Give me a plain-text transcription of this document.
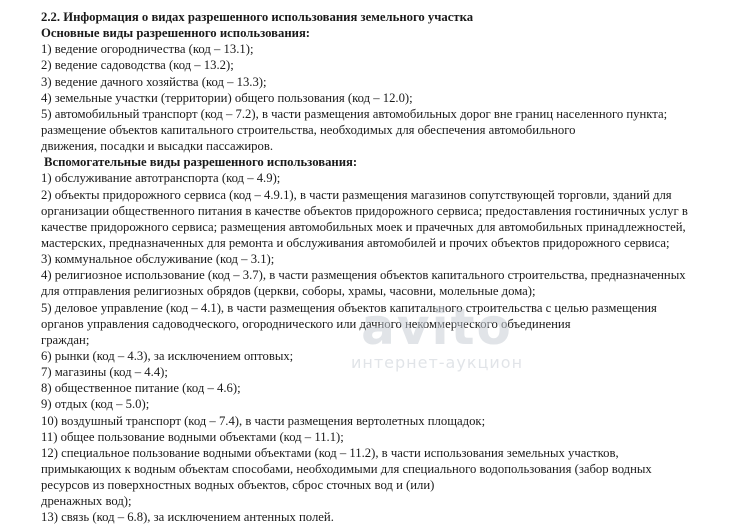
2.2. Информация о видах разрешенного использования земельного участка
Основные виды разрешенного использования:
1) ведение огородничества (код – 13.1);
2) ведение садоводства (код – 13.2);
3) ведение дачного хозяйства (код – 13.3);
4) земельные участки (территории) общего пользования (код – 12.0);
5) автомобильный транспорт (код – 7.2), в части размещения автомобильных дорог вне границ населенного пункта;
размещение объектов капитального строительства, необходимых для обеспечения автомобильного
движения, посадки и высадки пассажиров.
Вспомогательные виды разрешенного использования:
1) обслуживание автотранспорта (код – 4.9);
2) объекты придорожного сервиса (код – 4.9.1), в части размещения магазинов сопутствующей торговли, зданий для
организации общественного питания в качестве объектов придорожного сервиса; предоставления гостиничных услуг в
качестве придорожного сервиса; размещения автомобильных моек и прачечных для автомобильных принадлежностей,
мастерских, предназначенных для ремонта и обслуживания автомобилей и прочих объектов придорожного сервиса;
3) коммунальное обслуживание (код – 3.1);
4) религиозное использование (код – 3.7), в части размещения объектов капитального строительства, предназначенных
для отправления религиозных обрядов (церкви, соборы, храмы, часовни, молельные дома);
5) деловое управление (код – 4.1), в части размещения объектов капитального строительства с целью размещения
органов управления садоводческого, огороднического или дачного некоммерческого объединения
граждан;
6) рынки (код – 4.3), за исключением оптовых;
7) магазины (код – 4.4);
8) общественное питание (код – 4.6);
9) отдых (код – 5.0);
10) воздушный транспорт (код – 7.4), в части размещения вертолетных площадок;
11) общее пользование водными объектами (код – 11.1);
12) специальное пользование водными объектами (код – 11.2), в части использования земельных участков,
примыкающих к водным объектам способами, необходимыми для специального водопользования (забор водных
ресурсов из поверхностных водных объектов, сброс сточных вод и (или)
дренажных вод);
13) связь (код – 6.8), за исключением антенных полей.
avito
интернет-аукцион
